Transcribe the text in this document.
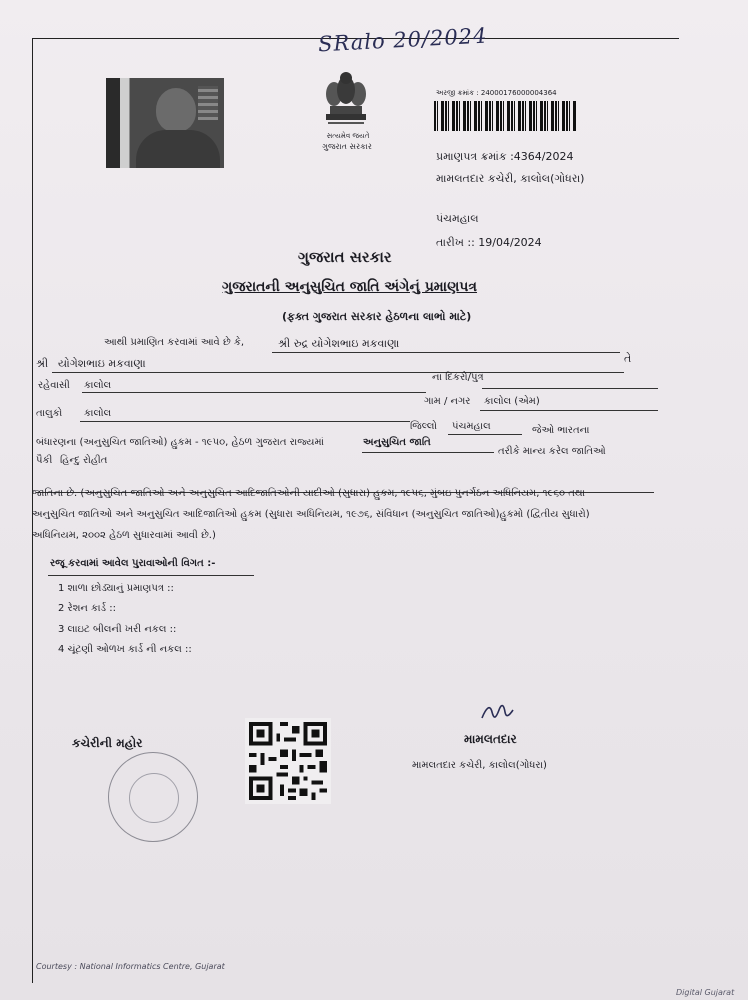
SRalo 20/2024
સત્યમેવ જયતે
ગુજરાત સરકાર
અરજી ક્રમાંક : 24000176000004364
પ્રમાણપત્ર ક્રમાંક :4364/2024
મામલતદાર કચેરી, કાલોલ(ગોધરા)
પંચમહાલ
તારીખ :: 19/04/2024
ગુજરાત સરકાર
ગુજરાતની અનુસુચિત જાતિ અંગેનું પ્રમાણપત્ર
(ફક્ત ગુજરાત સરકાર હેઠળના લાભો માટે)
આથી પ્રમાણિત કરવામાં આવે છે કે,	શ્રી રુદ્ર યોગેશભાઇ મકવાણા
શ્રી યોગેશભાઇ મકવાણા	તે
રહેવાસી કાલોલ
ના દિકરો/પુત્ર
ગામ / નગર કાલોલ (એમ)
તાલુકો કાલોલ
જિલ્લો પંચમહાલ	જેઓ ભારતના
બંધારણના (અનુસુચિત જાતિઓ) હુકમ - ૧૯૫૦, હેઠળ ગુજરાત રાજ્યમાં	અનુસુચિત જાતિ
તરીકે માન્ય કરેલ જાતિઓ
પૈકી હિન્દુ રોહીત
જાતિના છે. (અનુસુચિત જાતિઓ અને અનુસુચિત આદિજાતિઓની યાદીઓ (સુધારા) હુકમ, ૧૯૫૬, મુંબઇ પુનર્ગઠન અધિનિયમ, ૧૯૬૦ તથા
અનુસુચિત જાતિઓ અને અનુસુચિત આદિજાતિઓ હુકમ (સુધારા અધિનિયમ, ૧૯૭૬, સંવિધાન (અનુસુચિત જાતિઓ)હુકમો (દ્વિતીય સુધારો)
અધિનિયમ, ૨૦૦૨ હેઠળ સુધારવામાં આવી છે.)
રજૂ કરવામાં આવેલ પુરાવાઓની વિગત :-
1 શાળા છોડ્યાનું પ્રમાણપત્ર ::
2 રેશન કાર્ડ ::
3 લાઇટ બીલની ખરી નકલ ::
4 ચૂંટણી ઓળખ કાર્ડ ની નકલ ::
કચેરીની મહોર	મામલતદાર
મામલતદાર કચેરી, કાલોલ(ગોધરા)
Courtesy : National Informatics Centre, Gujarat
Digital Gujarat
